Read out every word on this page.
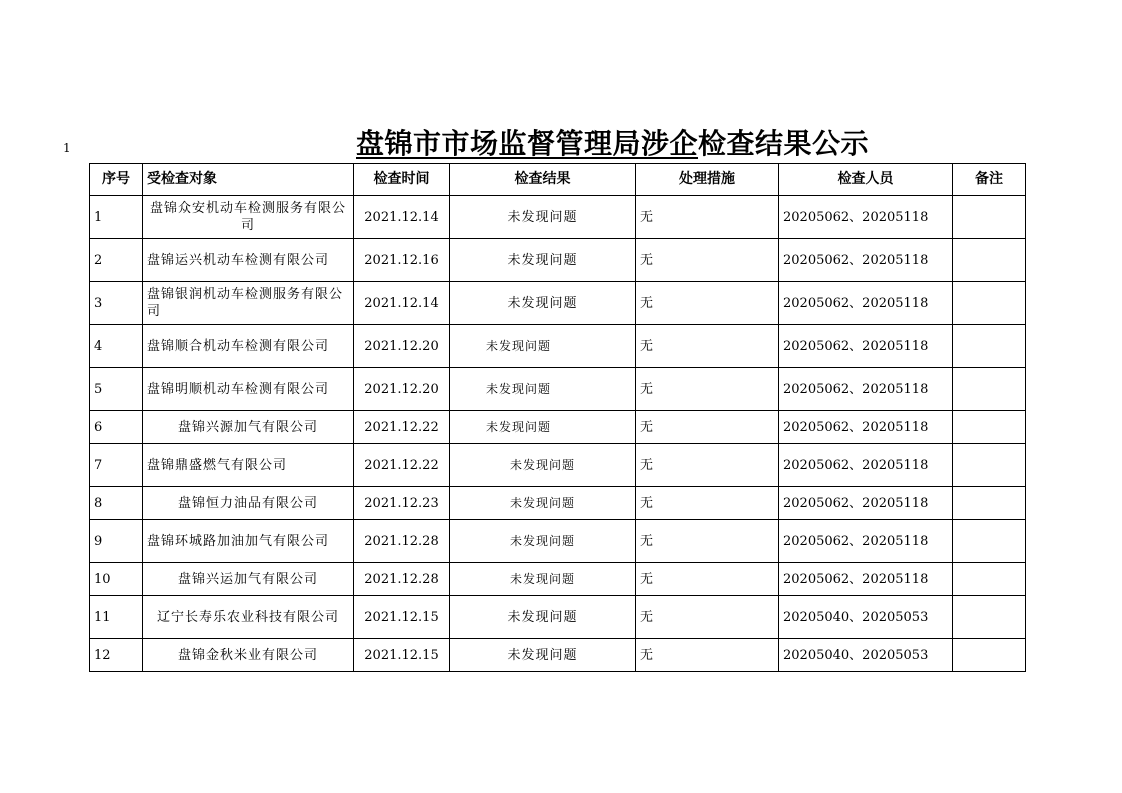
1	盘锦市市场监督管理局涉企检查结果公示
序号	受检查对象	检查时间	检查结果	处理措施	检查人员	备注
1	盘锦众安机动车检测服务有限公司	2021.12.14	未发现问题	无	20205062、20205118	
2	盘锦运兴机动车检测有限公司	2021.12.16	未发现问题	无	20205062、20205118	
3	盘锦银润机动车检测服务有限公司	2021.12.14	未发现问题	无	20205062、20205118	
4	盘锦顺合机动车检测有限公司	2021.12.20	未发现问题	无	20205062、20205118	
5	盘锦明顺机动车检测有限公司	2021.12.20	未发现问题	无	20205062、20205118	
6	盘锦兴源加气有限公司	2021.12.22	未发现问题	无	20205062、20205118	
7	盘锦鼎盛燃气有限公司	2021.12.22	未发现问题	无	20205062、20205118	
8	盘锦恒力油品有限公司	2021.12.23	未发现问题	无	20205062、20205118	
9	盘锦环城路加油加气有限公司	2021.12.28	未发现问题	无	20205062、20205118	
10	盘锦兴运加气有限公司	2021.12.28	未发现问题	无	20205062、20205118	
11	辽宁长寿乐农业科技有限公司	2021.12.15	未发现问题	无	20205040、20205053	
12	盘锦金秋米业有限公司	2021.12.15	未发现问题	无	20205040、20205053	
